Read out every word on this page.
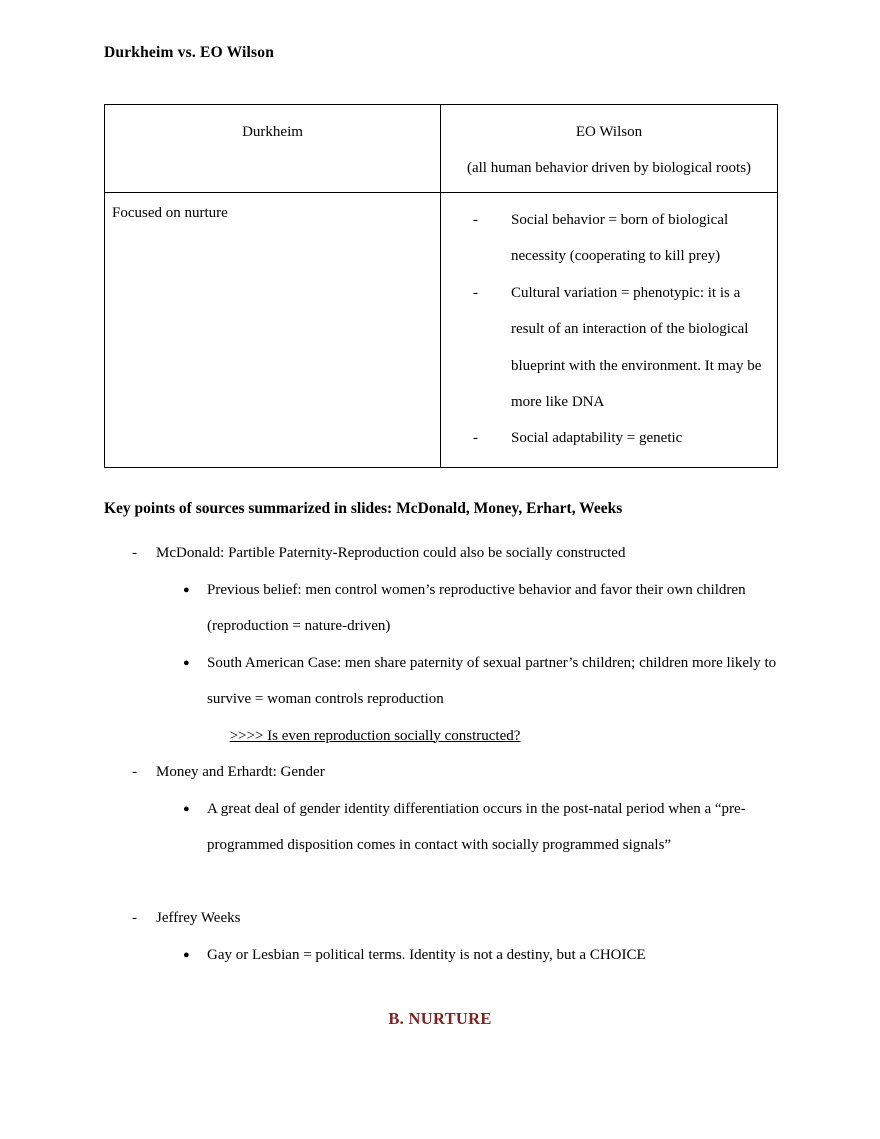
Durkheim vs. EO Wilson
Durkheim	EO Wilson
(all human behavior driven by biological roots)

Focused on nurture	- Social behavior = born of biological necessity (cooperating to kill prey)
- Cultural variation = phenotypic: it is a result of an interaction of the biological blueprint with the environment. It may be more like DNA
- Social adaptability = genetic
Key points of sources summarized in slides: McDonald, Money, Erhart, Weeks
- McDonald: Partible Paternity-Reproduction could also be socially constructed
● Previous belief: men control women’s reproductive behavior and favor their own children (reproduction = nature-driven)
● South American Case: men share paternity of sexual partner’s children; children more likely to survive = woman controls reproduction
>>>> Is even reproduction socially constructed?
- Money and Erhardt: Gender
● A great deal of gender identity differentiation occurs in the post-natal period when a “pre-programmed disposition comes in contact with socially programmed signals”
- Jeffrey Weeks
● Gay or Lesbian = political terms. Identity is not a destiny, but a CHOICE
B. NURTURE
